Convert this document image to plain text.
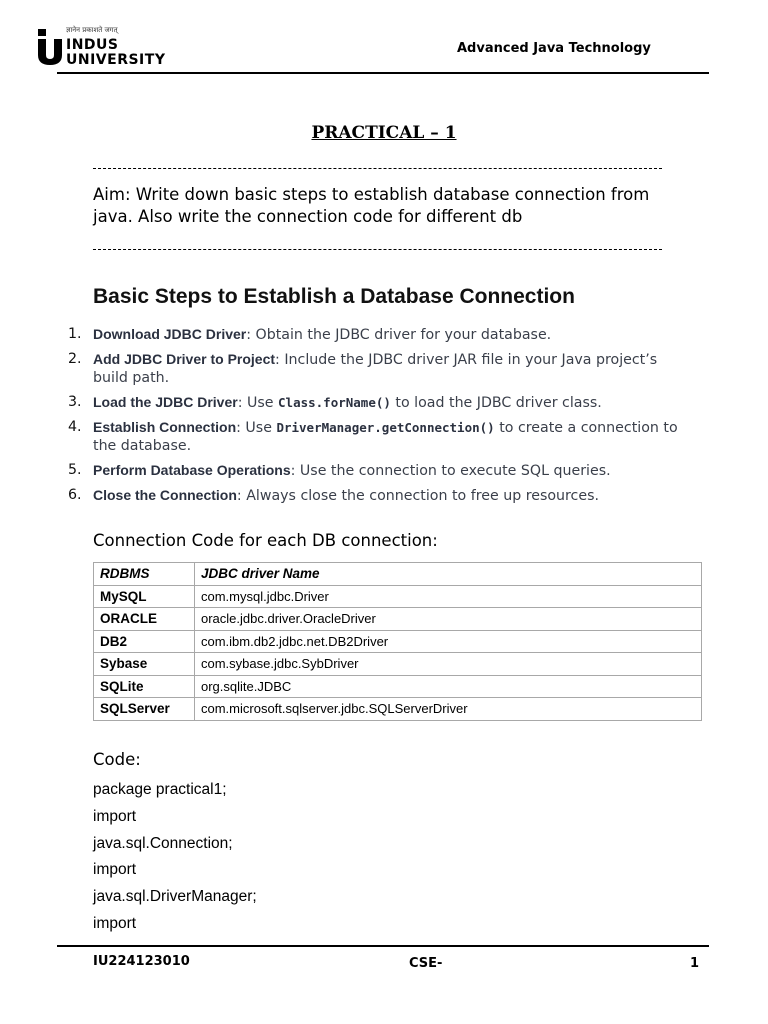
ज्ञानेन प्रकाशते जगत्
INDUS
UNIVERSITY
Advanced Java Technology
PRACTICAL – 1
Aim: Write down basic steps to establish database connection from java. Also write the connection code for different db
Basic Steps to Establish a Database Connection
1. Download JDBC Driver: Obtain the JDBC driver for your database.
2. Add JDBC Driver to Project: Include the JDBC driver JAR file in your Java project’s build path.
3. Load the JDBC Driver: Use Class.forName() to load the JDBC driver class.
4. Establish Connection: Use DriverManager.getConnection() to create a connection to the database.
5. Perform Database Operations: Use the connection to execute SQL queries.
6. Close the Connection: Always close the connection to free up resources.
Connection Code for each DB connection:
RDBMS	JDBC driver Name
MySQL	com.mysql.jdbc.Driver
ORACLE	oracle.jdbc.driver.OracleDriver
DB2	com.ibm.db2.jdbc.net.DB2Driver
Sybase	com.sybase.jdbc.SybDriver
SQLite	org.sqlite.JDBC
SQLServer	com.microsoft.sqlserver.jdbc.SQLServerDriver
Code:
package practical1;
import
java.sql.Connection;
import
java.sql.DriverManager;
import
IU224123010	CSE-	1
